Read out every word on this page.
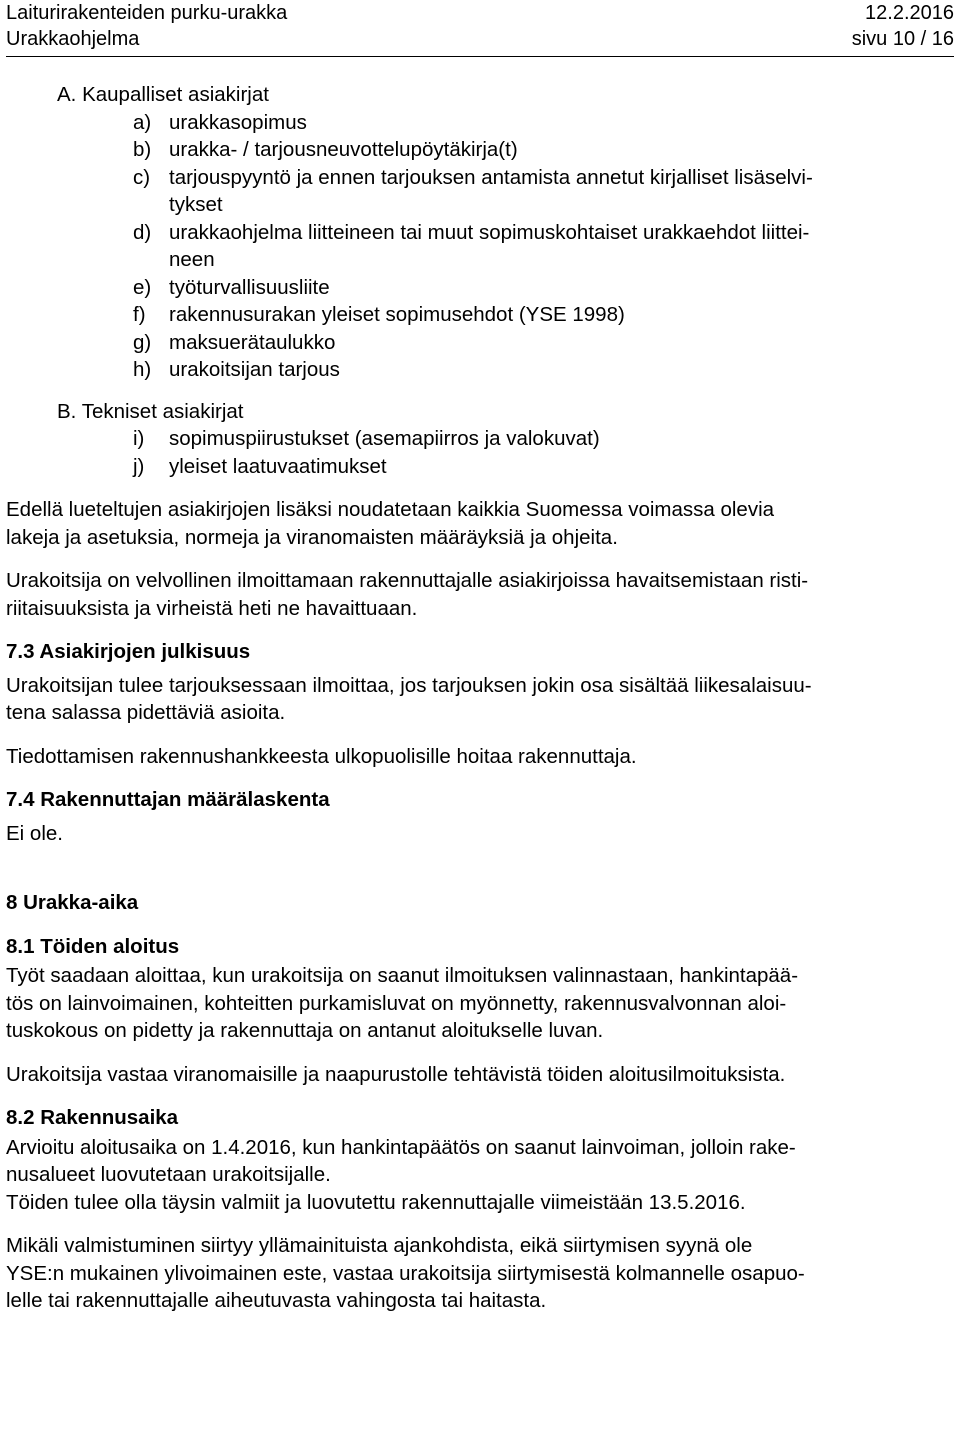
Laiturirakenteiden purku-urakka	12.2.2016
Urakkaohjelma	sivu 10 / 16

A. Kaupalliset asiakirjat

a) urakkasopimus
b) urakka- / tarjousneuvottelupöytäkirja(t)
c) tarjouspyyntö ja ennen tarjouksen antamista annetut kirjalliset lisäselvi-
tykset
d) urakkaohjelma liitteineen tai muut sopimuskohtaiset urakkaehdot liittei-
neen
e) työturvallisuusliite
f) rakennusurakan yleiset sopimusehdot (YSE 1998)
g) maksuerätaulukko
h) urakoitsijan tarjous

B. Tekniset asiakirjat

i) sopimuspiirustukset (asemapiirros ja valokuvat)
j) yleiset laatuvaatimukset

Edellä lueteltujen asiakirjojen lisäksi noudatetaan kaikkia Suomessa voimassa olevia
lakeja ja asetuksia, normeja ja viranomaisten määräyksiä ja ohjeita.

Urakoitsija on velvollinen ilmoittamaan rakennuttajalle asiakirjoissa havaitsemistaan risti-
riitaisuuksista ja virheistä heti ne havaittuaan.

7.3 Asiakirjojen julkisuus

Urakoitsijan tulee tarjouksessaan ilmoittaa, jos tarjouksen jokin osa sisältää liikesalaisuu-
tena salassa pidettäviä asioita.

Tiedottamisen rakennushankkeesta ulkopuolisille hoitaa rakennuttaja.

7.4 Rakennuttajan määrälaskenta

Ei ole.

8 Urakka-aika

8.1 Töiden aloitus

Työt saadaan aloittaa, kun urakoitsija on saanut ilmoituksen valinnastaan, hankintapää-
tös on lainvoimainen, kohteitten purkamisluvat on myönnetty, rakennusvalvonnan aloi-
tuskokous on pidetty ja rakennuttaja on antanut aloitukselle luvan.

Urakoitsija vastaa viranomaisille ja naapurustolle tehtävistä töiden aloitusilmoituksista.

8.2 Rakennusaika

Arvioitu aloitusaika on 1.4.2016, kun hankintapäätös on saanut lainvoiman, jolloin rake-
nusalueet luovutetaan urakoitsijalle.
Töiden tulee olla täysin valmiit ja luovutettu rakennuttajalle viimeistään 13.5.2016.

Mikäli valmistuminen siirtyy yllämainituista ajankohdista, eikä siirtymisen syynä ole
YSE:n mukainen ylivoimainen este, vastaa urakoitsija siirtymisestä kolmannelle osapuo-
lelle tai rakennuttajalle aiheutuvasta vahingosta tai haitasta.
